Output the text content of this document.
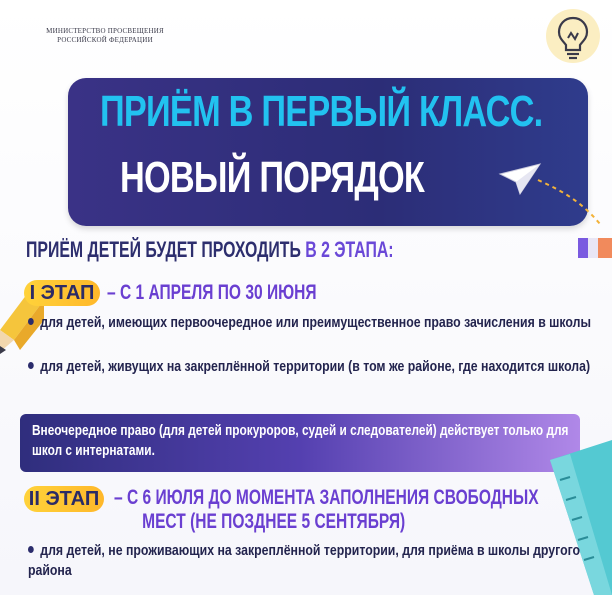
МИНИСТЕРСТВО ПРОСВЕЩЕНИЯ
РОССИЙСКОЙ ФЕДЕРАЦИИ
ПРИЁМ В ПЕРВЫЙ КЛАСС.
НОВЫЙ ПОРЯДОК
ПРИЁМ ДЕТЕЙ БУДЕТ ПРОХОДИТЬ В 2 ЭТАПА:
I ЭТАП – С 1 АПРЕЛЯ ПО 30 ИЮНЯ
для детей, имеющих первоочередное или преимущественное право зачисления в школы
для детей, живущих на закреплённой территории (в том же районе, где находится школа)
Внеочередное право (для детей прокуроров, судей и следователей) действует только для школ с интернатами.
II ЭТАП – С 6 ИЮЛЯ ДО МОМЕНТА ЗАПОЛНЕНИЯ СВОБОДНЫХ
МЕСТ (НЕ ПОЗДНЕЕ 5 СЕНТЯБРЯ)
для детей, не проживающих на закреплённой территории, для приёма в школы другого района
